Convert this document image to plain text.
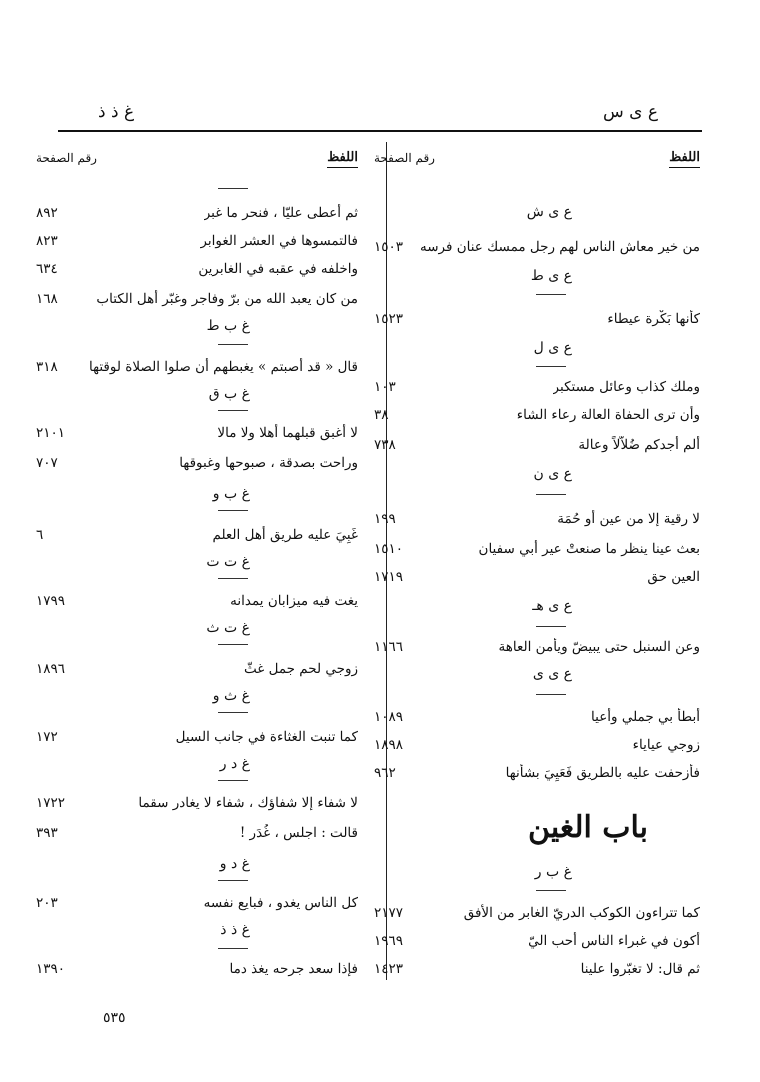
ع ى س
غ ذ ذ
اللفظ
رقم الصفحة
ع ى ش
من خير معاش الناس لهم رجل ممسك عنان فرسه
١٥٠٣
ع ى ط
كأنها بَكْرة عيطاء
١٥٢٣
ع ى ل
وملك كذاب وعائل مستكبر
١٠٣
وأن ترى الحفاة العالة رعاء الشاء
٣٨
ألم أجدكم ضُلاَّلاً وعالة
٧٣٨
ع ى ن
لا رقية إلا من عين أو حُمَة
١٩٩
بعث عينا ينظر ما صنعتْ عير أبي سفيان
١٥١٠
العين حق
١٧١٩
ع ى هـ
وعن السنبل حتى يبيضّ ويأمن العاهة
١١٦٦
ع ى ى
أبطأ بي جملي وأعيا
١٠٨٩
زوجي عياياء
١٨٩٨
فأزحفت عليه بالطريق فَعَيِيَ بشأنها
٩٦٢
باب الغين
غ ب ر
كما تتراءون الكوكب الدريّ الغابر من الأفق
٢١٧٧
أكون في غبراء الناس أحب اليّ
١٩٦٩
ثم قال: لا تغبّروا علينا
١٤٢٣
اللفظ
رقم الصفحة
ثم أعطى عليّا ، فنحر ما غبر
٨٩٢
فالتمسوها في العشر الغوابر
٨٢٣
واخلفه في عقبه في الغابرين
٦٣٤
من كان يعبد الله من برّ وفاجر وغبّر أهل الكتاب
١٦٨
غ ب ط
قال « قد أصبتم » يغبطهم أن صلوا الصلاة لوقتها
٣١٨
غ ب ق
لا أغبق قبلهما أهلا ولا مالا
٢١٠١
وراحت بصدقة ، صبوحها وغبوقها
٧٠٧
غ ب و
غَبِيَ عليه طريق أهل العلم
٦
غ ت ت
يغت فيه ميزابان يمدانه
١٧٩٩
غ ت ث
زوجي لحم جمل غثّ
١٨٩٦
غ ث و
كما تنبت الغثاءة في جانب السيل
١٧٢
غ د ر
لا شفاء إلا شفاؤك ، شفاء لا يغادر سقما
١٧٢٢
قالت : اجلس ، غُدَر !
٣٩٣
غ د و
كل الناس يغدو ، فبايع نفسه
٢٠٣
غ ذ ذ
فإذا سعد جرحه يغذ دما
١٣٩٠
٥٣٥
